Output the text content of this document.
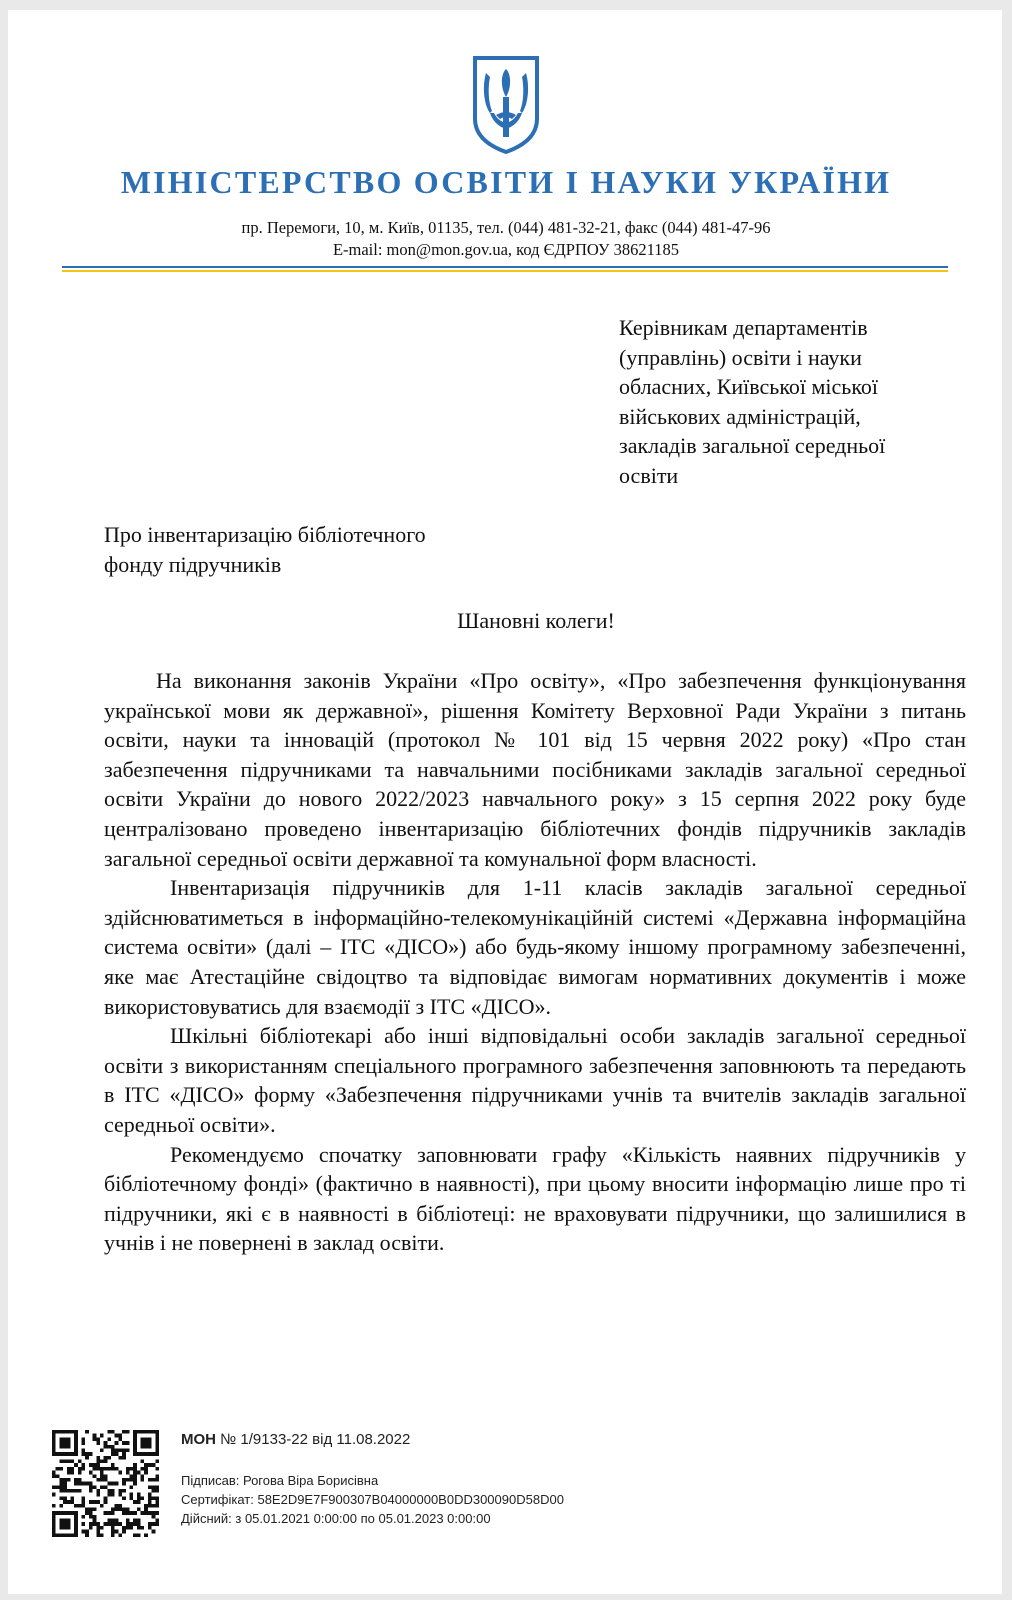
МІНІСТЕРСТВО ОСВІТИ І НАУКИ УКРАЇНИ
пр. Перемоги, 10, м. Київ, 01135, тел. (044) 481-32-21, факс (044) 481-47-96
E-mail: mon@mon.gov.ua, код ЄДРПОУ 38621185
Керівникам департаментів
(управлінь) освіти і науки
обласних, Київської міської
військових адміністрацій,
закладів загальної середньої
освіти
Про інвентаризацію бібліотечного
фонду підручників
Шановні колеги!

На виконання законів України «Про освіту», «Про забезпечення функціонування української мови як державної», рішення Комітету Верховної Ради України з питань освіти, науки та інновацій (протокол № 101 від 15 червня 2022 року) «Про стан забезпечення підручниками та навчальними посібниками закладів загальної середньої освіти України до нового 2022/2023 навчального року» з 15 серпня 2022 року буде централізовано проведено інвентаризацію бібліотечних фондів підручників закладів загальної середньої освіти державної та комунальної форм власності.

Інвентаризація підручників для 1-11 класів закладів загальної середньої здійснюватиметься в інформаційно-телекомунікаційній системі «Державна інформаційна система освіти» (далі – ІТС «ДІСО») або будь-якому іншому програмному забезпеченні, яке має Атестаційне свідоцтво та відповідає вимогам нормативних документів і може використовуватись для взаємодії з ІТС «ДІСО».

Шкільні бібліотекарі або інші відповідальні особи закладів загальної середньої освіти з використанням спеціального програмного забезпечення заповнюють та передають в ІТС «ДІСО» форму «Забезпечення підручниками учнів та вчителів закладів загальної середньої освіти».

Рекомендуємо спочатку заповнювати графу «Кількість наявних підручників у бібліотечному фонді» (фактично в наявності), при цьому вносити інформацію лише про ті підручники, які є в наявності в бібліотеці: не враховувати підручники, що залишилися в учнів і не повернені в заклад освіти.

МОН № 1/9133-22 від 11.08.2022
Підписав: Рогова Віра Борисівна
Сертифікат: 58E2D9E7F900307B04000000B0DD300090D58D00
Дійсний: з 05.01.2021 0:00:00 по 05.01.2023 0:00:00
